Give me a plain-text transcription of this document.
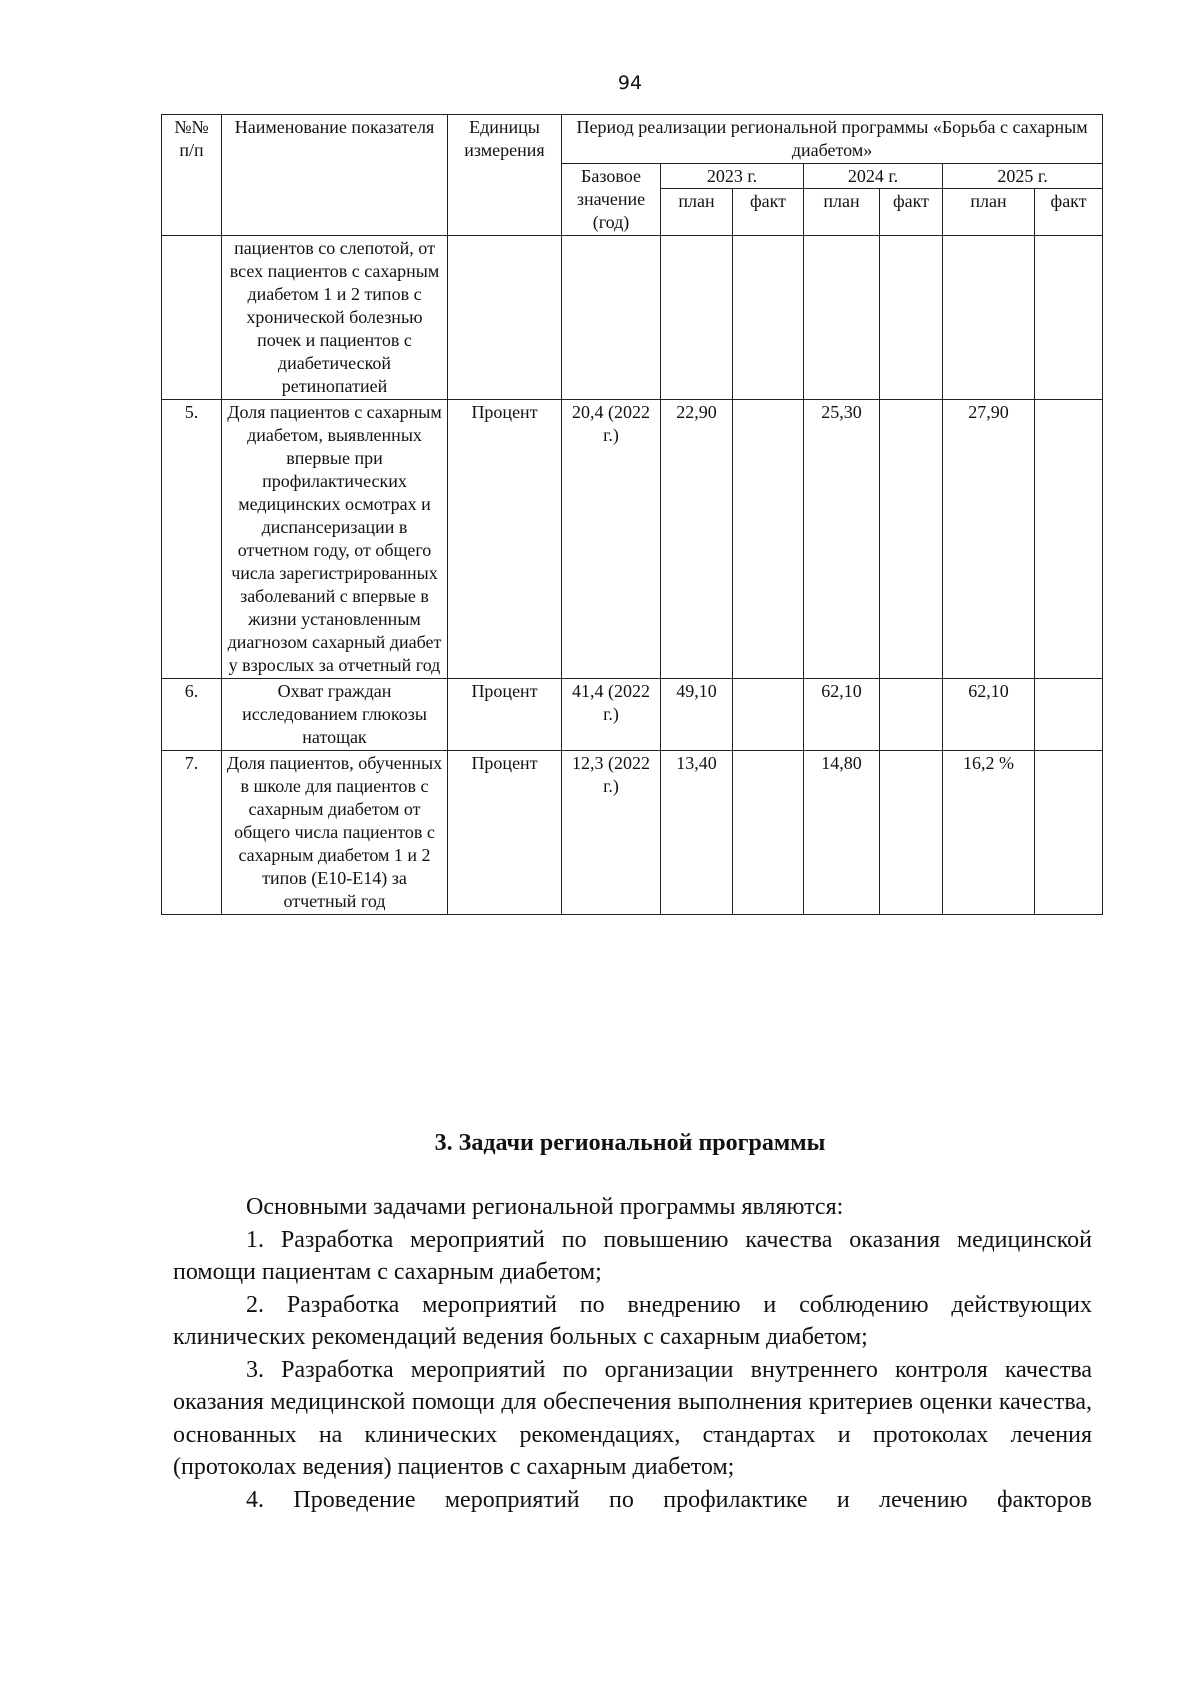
94
№№ п/п	Наименование показателя	Единицы измерения	Период реализации региональной программы «Борьба с сахарным диабетом»						
			Базовое значение (год)	2023 г.		2024 г.		2025 г.	
				план	факт	план	факт	план	факт
	пациентов со слепотой, от всех пациентов с сахарным диабетом 1 и 2 типов с хронической болезнью почек и пациентов с диабетической ретинопатией								
5.	Доля пациентов с сахарным диабетом, выявленных впервые при профилактических медицинских осмотрах и диспансеризации в отчетном году, от общего числа зарегистрированных заболеваний с впервые в жизни установленным диагнозом сахарный диабет у взрослых за отчетный год	Процент	20,4 (2022 г.)	22,90		25,30		27,90	
6.	Охват граждан исследованием глюкозы натощак	Процент	41,4 (2022 г.)	49,10		62,10		62,10	
7.	Доля пациентов, обученных в школе для пациентов с сахарным диабетом от общего числа пациентов с сахарным диабетом 1 и 2 типов (Е10-Е14) за отчетный год	Процент	12,3 (2022 г.)	13,40		14,80		16,2 %	
3. Задачи региональной программы

Основными задачами региональной программы являются:

1. Разработка мероприятий по повышению качества оказания медицинской помощи пациентам с сахарным диабетом;

2. Разработка мероприятий по внедрению и соблюдению действующих клинических рекомендаций ведения больных с сахарным диабетом;

3. Разработка мероприятий по организации внутреннего контроля качества оказания медицинской помощи для обеспечения выполнения критериев оценки качества, основанных на клинических рекомендациях, стандартах и протоколах лечения (протоколах ведения) пациентов с сахарным диабетом;

4. Проведение мероприятий по профилактике и лечению факторов
